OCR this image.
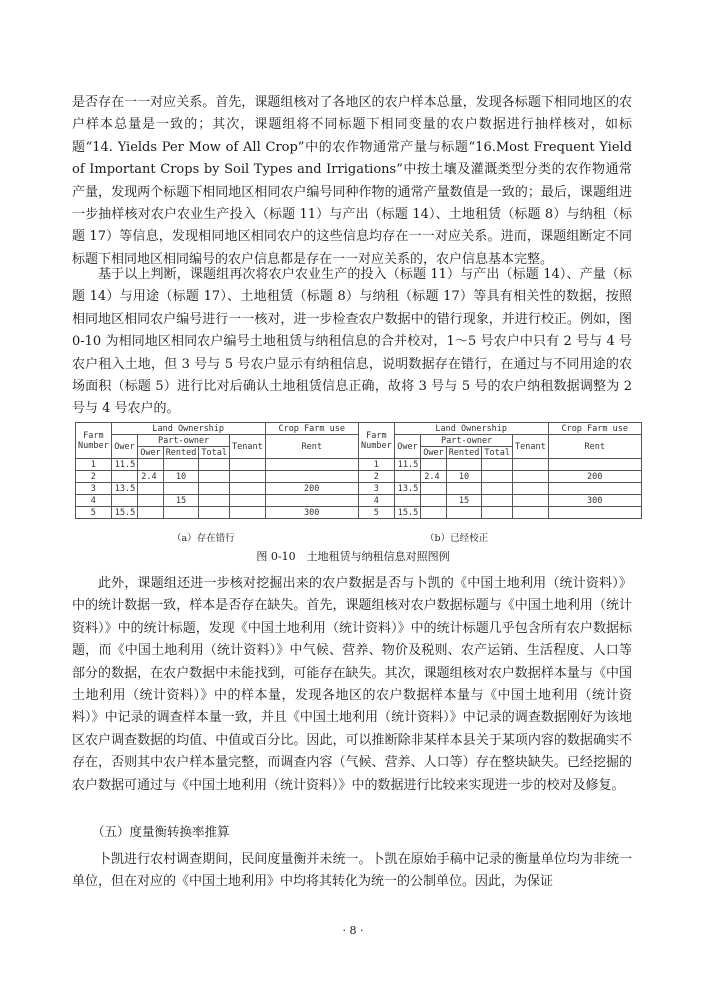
是否存在一一对应关系。首先，课题组核对了各地区的农户样本总量，发现各标题下相同地区的农户样本总量是一致的；其次，课题组将不同标题下相同变量的农户数据进行抽样核对，如标题“14. Yields Per Mow of All Crop”中的农作物通常产量与标题“16.Most Frequent Yield of Important Crops by Soil Types and Irrigations”中按土壤及灌溉类型分类的农作物通常产量，发现两个标题下相同地区相同农户编号同种作物的通常产量数值是一致的；最后，课题组进一步抽样核对农户农业生产投入（标题 11）与产出（标题 14）、土地租赁（标题 8）与纳租（标题 17）等信息，发现相同地区相同农户的这些信息均存在一一对应关系。进而，课题组断定不同标题下相同地区相同编号的农户信息都是存在一一对应关系的，农户信息基本完整。

基于以上判断，课题组再次将农户农业生产的投入（标题 11）与产出（标题 14）、产量（标题 14）与用途（标题 17）、土地租赁（标题 8）与纳租（标题 17）等具有相关性的数据，按照相同地区相同农户编号进行一一核对，进一步检查农户数据中的错行现象，并进行校正。例如，图 0-10 为相同地区相同农户编号土地租赁与纳租信息的合并校对，1～5 号农户中只有 2 号与 4 号农户租入土地，但 3 号与 5 号农户显示有纳租信息，说明数据存在错行，在通过与不同用途的农场面积（标题 5）进行比对后确认土地租赁信息正确，故将 3 号与 5 号的农户纳租数据调整为 2 号与 4 号农户的。

Farm
Number	Land Ownership					Crop Farm use
	Ower	Part-owner			Tenant	Rent
		Ower	Rented	Total		
1	11.5					
2		2.4	10			
3	13.5					200
4			15			
5	15.5					300
Farm
Number	Land Ownership					Crop Farm use
	Ower	Part-owner			Tenant	Rent
		Ower	Rented	Total		
1	11.5					
2		2.4	10			200
3	13.5					
4			15			300
5	15.5					
（a）存在错行	（b）已经校正
图 0-10　土地租赁与纳租信息对照图例

此外，课题组还进一步核对挖掘出来的农户数据是否与卜凯的《中国土地利用（统计资料）》中的统计数据一致，样本是否存在缺失。首先，课题组核对农户数据标题与《中国土地利用（统计资料）》中的统计标题，发现《中国土地利用（统计资料）》中的统计标题几乎包含所有农户数据标题，而《中国土地利用（统计资料）》中气候、营养、物价及税则、农产运销、生活程度、人口等部分的数据，在农户数据中未能找到，可能存在缺失。其次，课题组核对农户数据样本量与《中国土地利用（统计资料）》中的样本量，发现各地区的农户数据样本量与《中国土地利用（统计资料）》中记录的调查样本量一致，并且《中国土地利用（统计资料）》中记录的调查数据刚好为该地区农户调查数据的均值、中值或百分比。因此，可以推断除非某样本县关于某项内容的数据确实不存在，否则其中农户样本量完整，而调查内容（气候、营养、人口等）存在整块缺失。已经挖掘的农户数据可通过与《中国土地利用（统计资料）》中的数据进行比较来实现进一步的校对及修复。

（五）度量衡转换率推算

卜凯进行农村调查期间，民间度量衡并未统一。卜凯在原始手稿中记录的衡量单位均为非统一单位，但在对应的《中国土地利用》中均将其转化为统一的公制单位。因此，为保证

· 8 ·
